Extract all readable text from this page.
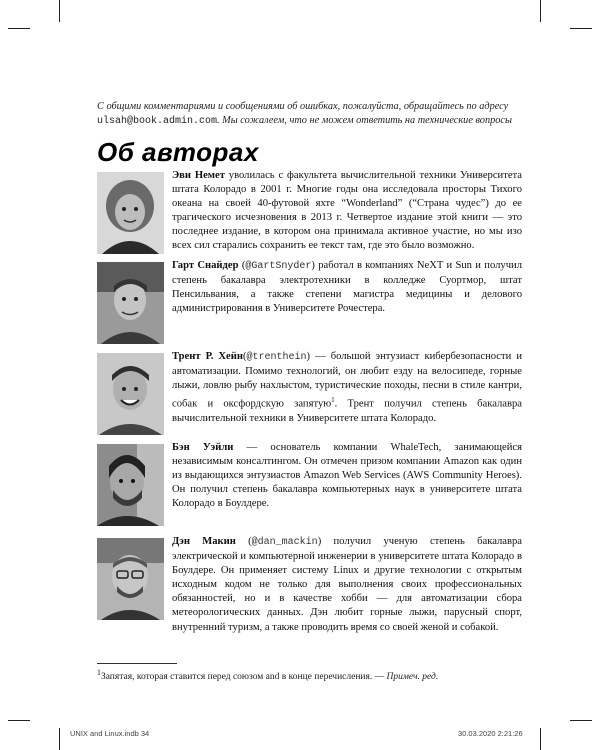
С общими комментариями и сообщениями об ошибках, пожалуйста, обращайтесь по адресу ulsah@book.admin.com. Мы сожалеем, что не можем ответить на технические вопросы
Об авторах
Эви Немет уволилась с факультета вычислительной техники Университета штата Колорадо в 2001 г. Многие годы она исследовала просторы Тихого океана на своей 40-футовой яхте “Wonderland” (“Страна чудес”) до ее трагического исчезновения в 2013 г. Четвертое издание этой книги — это последнее издание, в котором она принимала активное участие, но мы изо всех сил старались сохранить ее текст там, где это было возможно.
Гарт Снайдер (@GartSnyder) работал в компаниях NeXT и Sun и получил степень бакалавра электротехники в колледже Суортмор, штат Пенсильвания, а также степени магистра медицины и делового администрирования в Университете Рочестера.
Трент Р. Хейн(@trenthein) — большой энтузиаст кибербезопасности и автоматизации. Помимо технологий, он любит езду на велосипеде, горные лыжи, ловлю рыбу нахлыстом, туристические походы, песни в стиле кантри, собак и оксфордскую запятую$^1$. Трент получил степень бакалавра вычислительной техники в Университете штата Колорадо.
Бэн Уэйли — основатель компании WhaleTech, занимающейся независимым консалтингом. Он отмечен призом компании Amazon как один из выдающихся энтузиастов Amazon Web Services (AWS Community Heroes). Он получил степень бакалавра компьютерных наук в университете штата Колорадо в Боулдере.
Дэн Макин (@dan_mackin) получил ученую степень бакалавра электрической и компьютерной инженерии в университете штата Колорадо в Боулдере. Он применяет систему Linux и другие технологии с открытым исходным кодом не только для выполнения своих профессиональных обязанностей, но и в качестве хобби — для автоматизации сбора метеорологических данных. Дэн любит горные лыжи, парусный спорт, внутренний туризм, а также проводить время со своей женой и собакой.
$^1$Запятая, которая ставится перед союзом and в конце перечисления. — Примеч. ред.
UNIX and Linux.indb 34	30.03.2020 2:21:26
